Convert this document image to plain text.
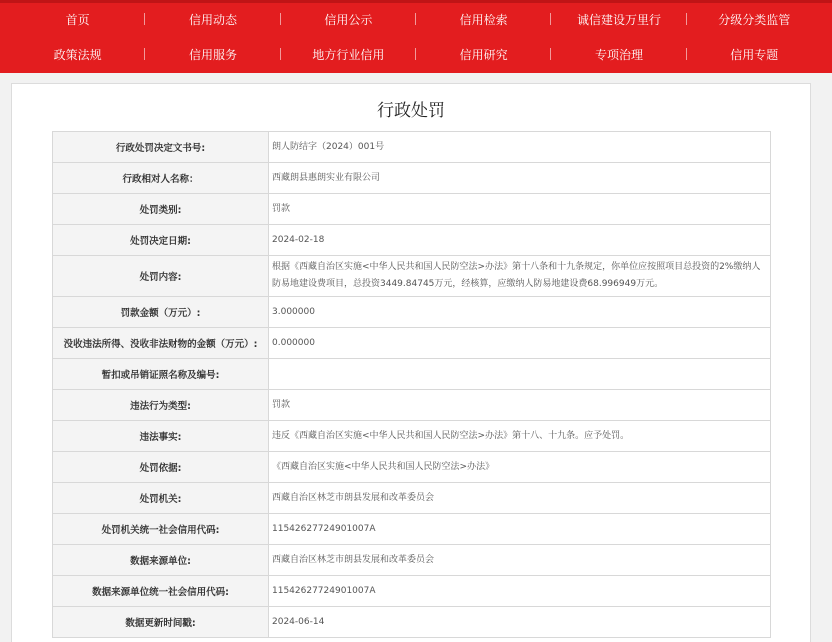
首页	信用动态	信用公示	信用检索	诚信建设万里行	分级分类监管
政策法规	信用服务	地方行业信用	信用研究	专项治理	信用专题
行政处罚
行政处罚决定文书号:	朗人防结字（2024）001号
行政相对人名称：	西藏朗县惠朗实业有限公司
处罚类别:	罚款
处罚决定日期:	2024-02-18
处罚内容:	根据《西藏自治区实施<中华人民共和国人民防空法>办法》第十八条和十九条规定，你单位应按照项目总投资的2%缴纳人防易地建设费项目，总投资3449.84745万元，经核算，应缴纳人防易地建设费68.996949万元。
罚款金额（万元）:	3.000000
没收违法所得、没收非法财物的金额（万元）:	0.000000
暂扣或吊销证照名称及编号:	
违法行为类型:	罚款
违法事实:	违反《西藏自治区实施<中华人民共和国人民防空法>办法》第十八、十九条。应予处罚。
处罚依据:	《西藏自治区实施<中华人民共和国人民防空法>办法》
处罚机关:	西藏自治区林芝市朗县发展和改革委员会
处罚机关统一社会信用代码:	11542627724901007A
数据来源单位:	西藏自治区林芝市朗县发展和改革委员会
数据来源单位统一社会信用代码:	11542627724901007A
数据更新时间戳:	2024-06-14
